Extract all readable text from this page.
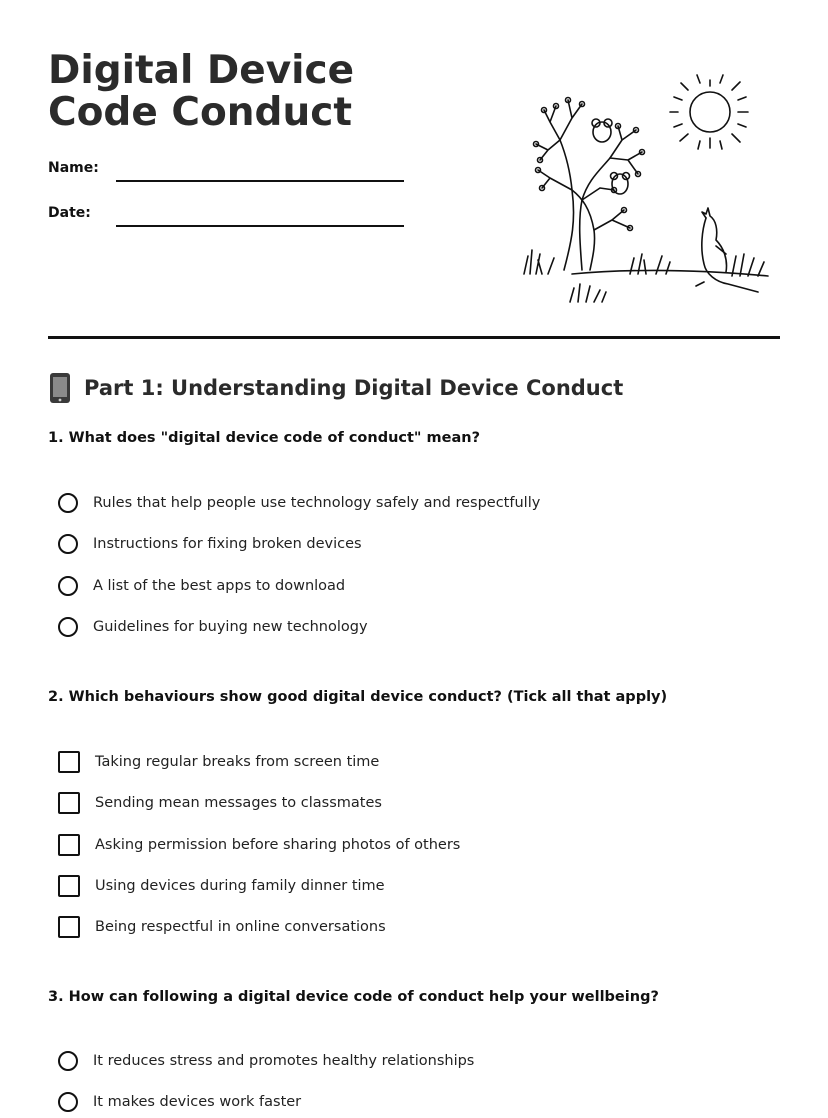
Digital Device Code Conduct
Name:
Date:
Part 1: Understanding Digital Device Conduct
1. What does "digital device code of conduct" mean?
Rules that help people use technology safely and respectfully
Instructions for fixing broken devices
A list of the best apps to download
Guidelines for buying new technology
2. Which behaviours show good digital device conduct? (Tick all that apply)
Taking regular breaks from screen time
Sending mean messages to classmates
Asking permission before sharing photos of others
Using devices during family dinner time
Being respectful in online conversations
3. How can following a digital device code of conduct help your wellbeing?
It reduces stress and promotes healthy relationships
It makes devices work faster
